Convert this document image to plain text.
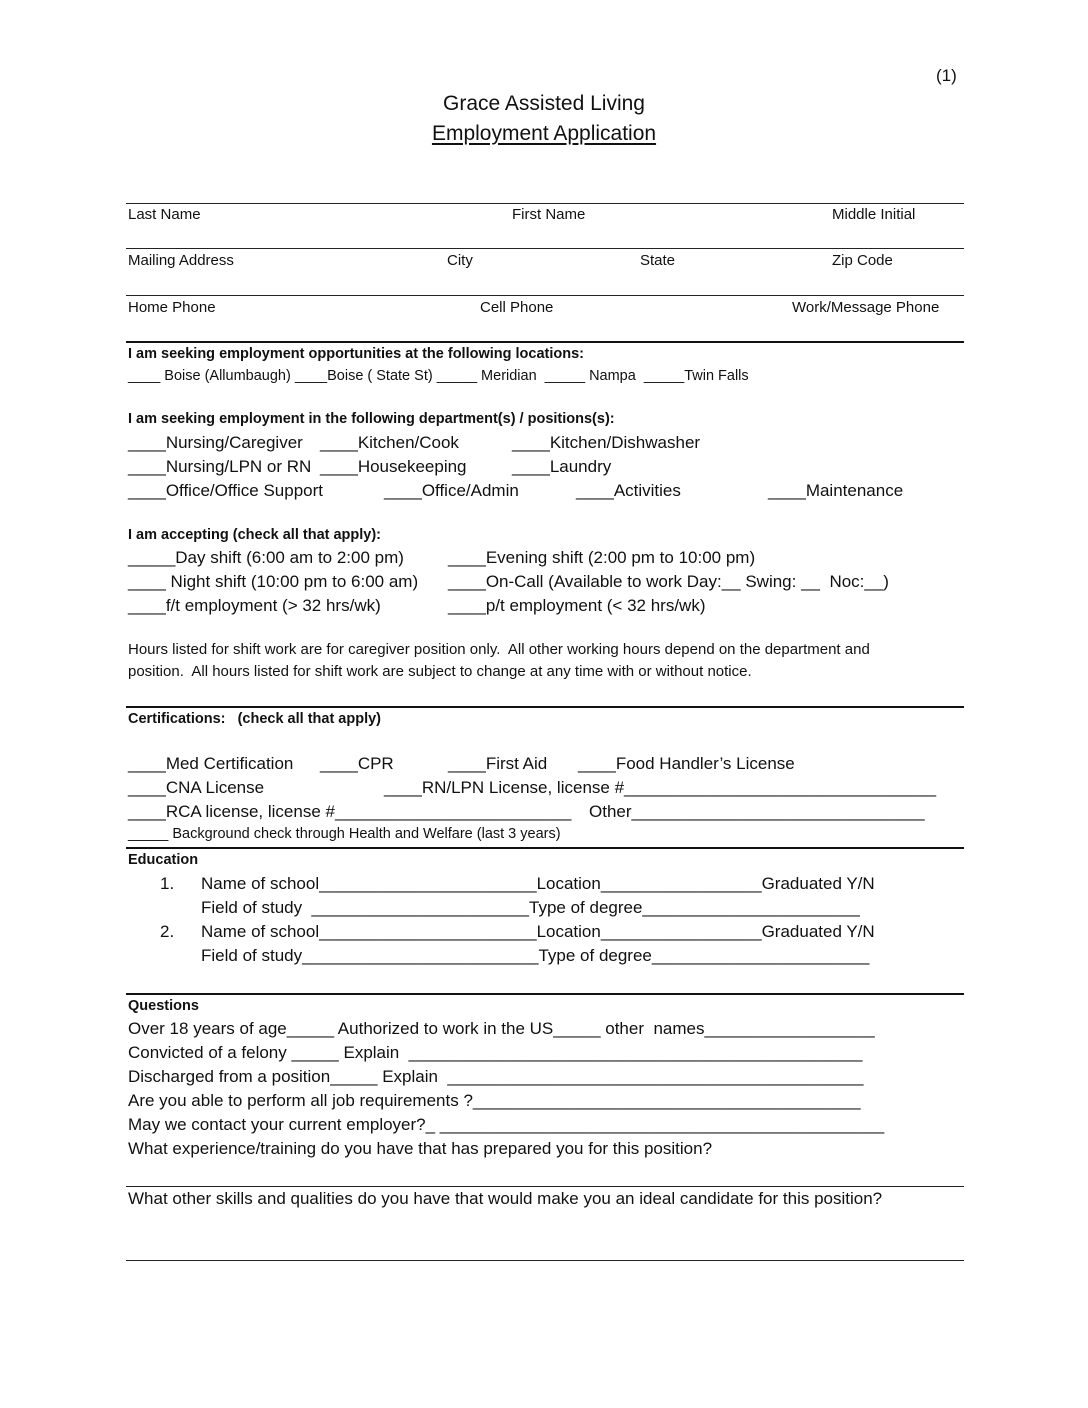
(1)
Grace Assisted Living
Employment Application
Last Name	First Name	Middle Initial
Mailing Address	City	State	Zip Code
Home Phone	Cell Phone	Work/Message Phone
I am seeking employment opportunities at the following locations:
____ Boise (Allumbaugh) ____Boise ( State St) _____ Meridian  _____ Nampa  _____Twin Falls
I am seeking employment in the following department(s) / positions(s):
____Nursing/Caregiver ____Kitchen/Cook	____Kitchen/Dishwasher
____Nursing/LPN or RN ____Housekeeping	____Laundry
____Office/Office Support	____Office/Admin	____Activities	____Maintenance
I am accepting (check all that apply):
_____Day shift (6:00 am to 2:00 pm)	____Evening shift (2:00 pm to 10:00 pm)
____ Night shift (10:00 pm to 6:00 am) ____On-Call (Available to work Day:__ Swing: __  Noc:__)
____f/t employment (> 32 hrs/wk)	____p/t employment (< 32 hrs/wk)
Hours listed for shift work are for caregiver position only.  All other working hours depend on the department and
position.  All hours listed for shift work are subject to change at any time with or without notice.
Certifications:   (check all that apply)
____Med Certification ____CPR	____First Aid ____Food Handler’s License
____CNA License	____RN/LPN License, license #_________________________________
____RCA license, license #_________________________ Other_______________________________
_____ Background check through Health and Welfare (last 3 years)
Education
1. Name of school_______________________Location_________________Graduated Y/N
Field of study  _______________________Type of degree_______________________
2. Name of school_______________________Location_________________Graduated Y/N
Field of study_________________________Type of degree_______________________
Questions
Over 18 years of age_____ Authorized to work in the US_____ other  names__________________
Convicted of a felony _____ Explain  ________________________________________________
Discharged from a position_____ Explain  ____________________________________________
Are you able to perform all job requirements ?_________________________________________
May we contact your current employer?_ _______________________________________________
What experience/training do you have that has prepared you for this position?
What other skills and qualities do you have that would make you an ideal candidate for this position?
